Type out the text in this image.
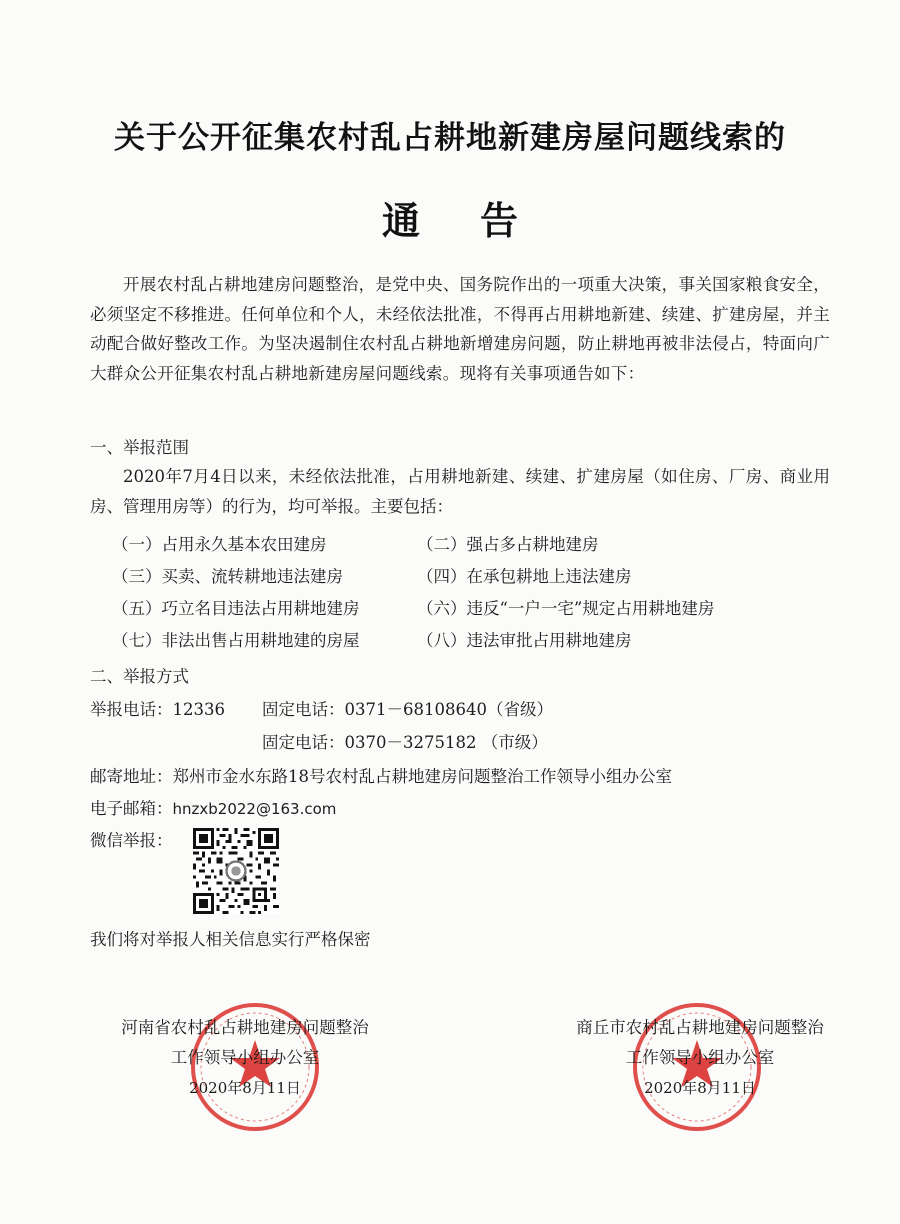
关于公开征集农村乱占耕地新建房屋问题线索的
通告
开展农村乱占耕地建房问题整治，是党中央、国务院作出的一项重大决策，事关国家粮食安全，必须坚定不移推进。任何单位和个人，未经依法批准，不得再占用耕地新建、续建、扩建房屋，并主动配合做好整改工作。为坚决遏制住农村乱占耕地新增建房问题，防止耕地再被非法侵占，特面向广大群众公开征集农村乱占耕地新建房屋问题线索。现将有关事项通告如下：
一、举报范围
2020年7月4日以来，未经依法批准，占用耕地新建、续建、扩建房屋（如住房、厂房、商业用房、管理用房等）的行为，均可举报。主要包括：
（一）占用永久基本农田建房	（二）强占多占耕地建房
（三）买卖、流转耕地违法建房	（四）在承包耕地上违法建房
（五）巧立名目违法占用耕地建房	（六）违反“一户一宅”规定占用耕地建房
（七）非法出售占用耕地建的房屋	（八）违法审批占用耕地建房
二、举报方式
举报电话：12336 固定电话：0371－68108640（省级）
固定电话：0370－3275182 （市级）
邮寄地址：郑州市金水东路18号农村乱占耕地建房问题整治工作领导小组办公室
电子邮箱：hnzxb2022@163.com
微信举报：
我们将对举报人相关信息实行严格保密
河南省农村乱占耕地建房问题整治
工作领导小组办公室
2020年8月11日
商丘市农村乱占耕地建房问题整治
工作领导小组办公室
2020年8月11日
